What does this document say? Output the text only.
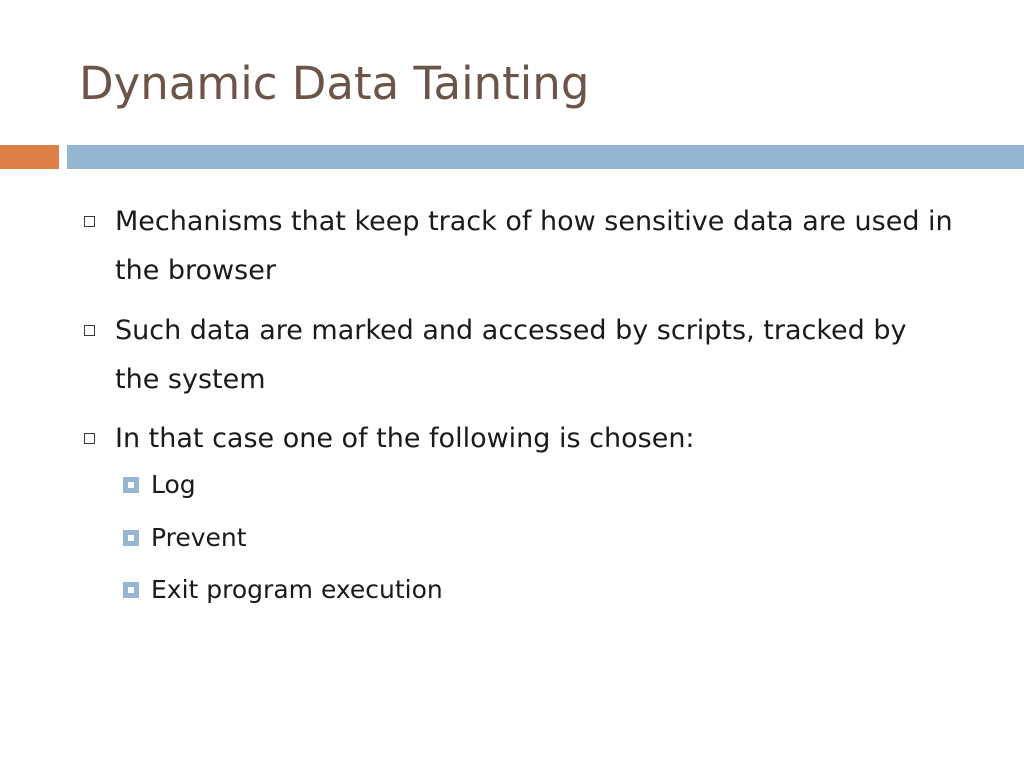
Dynamic Data Tainting
Mechanisms that keep track of how sensitive data are used in the browser
Such data are marked and accessed by scripts, tracked by the system
In that case one of the following is chosen:
Log
Prevent
Exit program execution
